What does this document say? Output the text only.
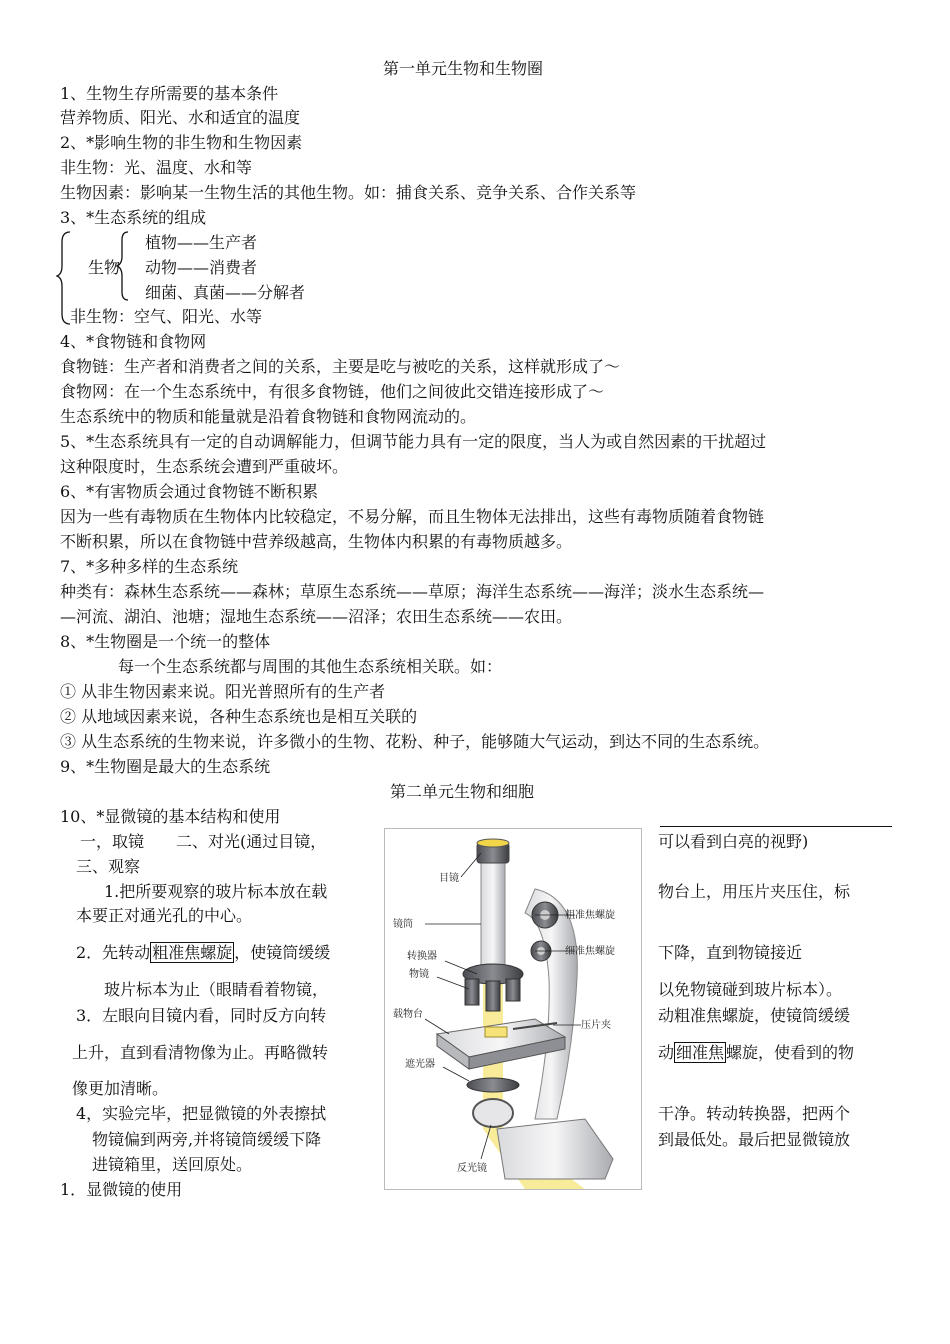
第一单元生物和生物圈
1、生物生存所需要的基本条件
营养物质、阳光、水和适宜的温度
2、*影响生物的非生物和生物因素
非生物：光、温度、水和等
生物因素：影响某一生物生活的其他生物。如：捕食关系、竞争关系、合作关系等
3、*生态系统的组成
生物
植物——生产者
动物——消费者
细菌、真菌——分解者
非生物：空气、阳光、水等
4、*食物链和食物网
食物链：生产者和消费者之间的关系，主要是吃与被吃的关系，这样就形成了～
食物网：在一个生态系统中，有很多食物链，他们之间彼此交错连接形成了～
生态系统中的物质和能量就是沿着食物链和食物网流动的。
5、*生态系统具有一定的自动调解能力，但调节能力具有一定的限度，当人为或自然因素的干扰超过
这种限度时，生态系统会遭到严重破坏。
6、*有害物质会通过食物链不断积累
因为一些有毒物质在生物体内比较稳定，不易分解，而且生物体无法排出，这些有毒物质随着食物链
不断积累，所以在食物链中营养级越高，生物体内积累的有毒物质越多。
7、*多种多样的生态系统
种类有：森林生态系统——森林；草原生态系统——草原；海洋生态系统——海洋；淡水生态系统—
—河流、湖泊、池塘；湿地生态系统——沼泽；农田生态系统——农田。
8、*生物圈是一个统一的整体
每一个生态系统都与周围的其他生态系统相关联。如：
① 从非生物因素来说。阳光普照所有的生产者
② 从地域因素来说，各种生态系统也是相互关联的
③ 从生态系统的生物来说，许多微小的生物、花粉、种子，能够随大气运动，到达不同的生态系统。
9、*生物圈是最大的生态系统
第二单元生物和细胞
10、*显微镜的基本结构和使用
一，取镜　　二、对光(通过目镜，	可以看到白亮的视野)
三、观察
1.把所要观察的玻片标本放在载	物台上，用压片夹压住，标
本要正对通光孔的中心。
2．先转动 粗准焦螺旋 ，使镜筒缓缓	下降，直到物镜接近
玻片标本为止（眼睛看着物镜，	以免物镜碰到玻片标本）。
3．左眼向目镜内看，同时反方向转	动粗准焦螺旋，使镜筒缓缓
上升，直到看清物像为止。再略微转	动 细准焦 螺旋，使看到的物
像更加清晰。
4，实验完毕，把显微镜的外表擦拭	干净。转动转换器，把两个
物镜偏到两旁,并将镜筒缓缓下降	到最低处。最后把显微镜放
进镜箱里，送回原处。
1．显微镜的使用
目镜
镜筒
粗准焦螺旋
细准焦螺旋
转换器
物镜
载物台
压片夹
遮光器
反光镜
